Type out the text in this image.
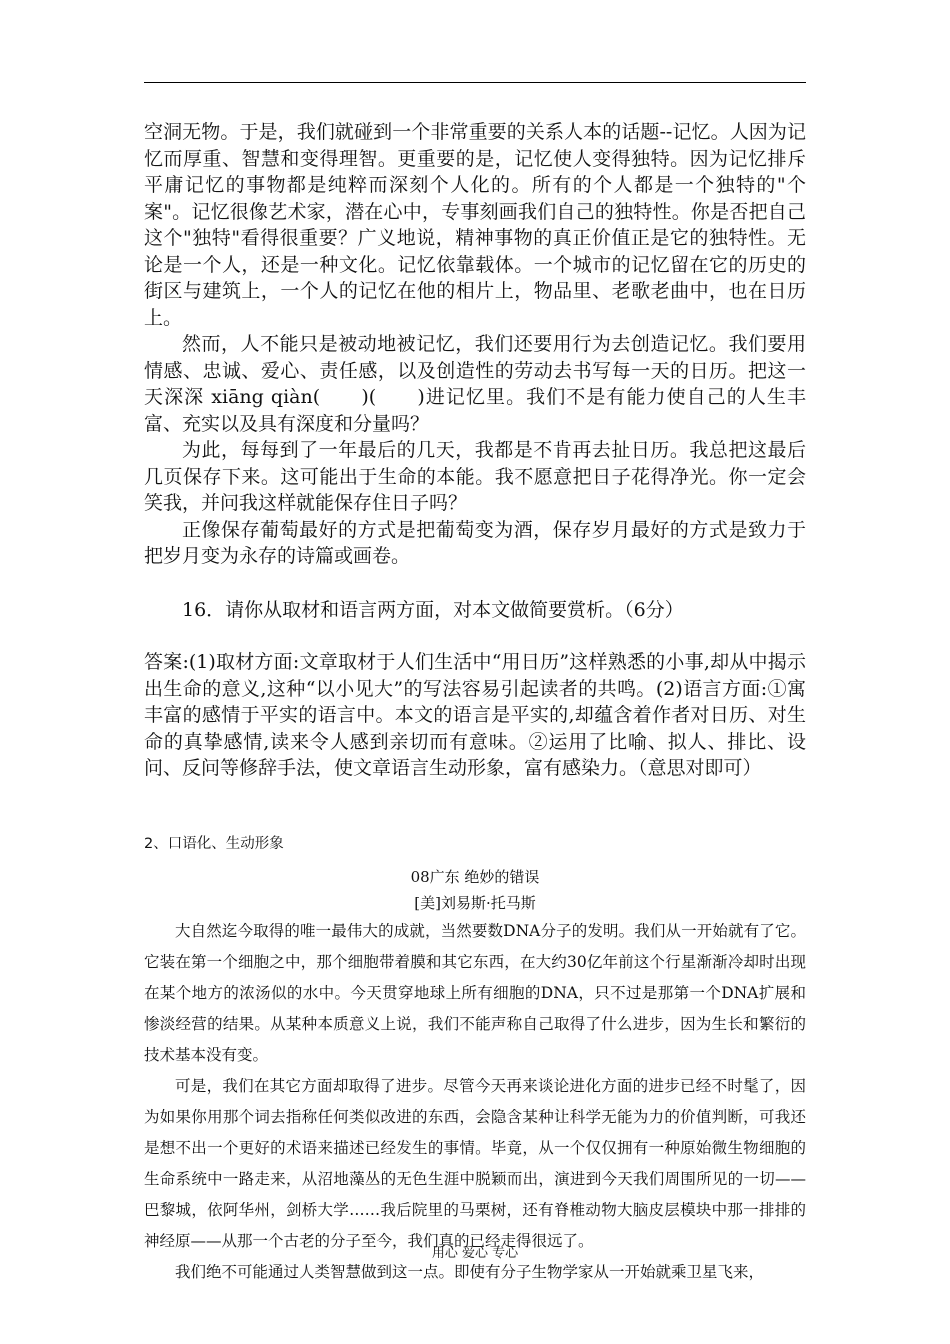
空洞无物。于是，我们就碰到一个非常重要的关系人本的话题--记忆。人因为记忆而厚重、智慧和变得理智。更重要的是，记忆使人变得独特。因为记忆排斥平庸记忆的事物都是纯粹而深刻个人化的。所有的个人都是一个独特的"个案"。记忆很像艺术家，潜在心中，专事刻画我们自己的独特性。你是否把自己这个"独特"看得很重要？广义地说，精神事物的真正价值正是它的独特性。无论是一个人，还是一种文化。记忆依靠载体。一个城市的记忆留在它的历史的街区与建筑上，一个人的记忆在他的相片上，物品里、老歌老曲中，也在日历上。

然而，人不能只是被动地被记忆，我们还要用行为去创造记忆。我们要用情感、忠诚、爱心、责任感，以及创造性的劳动去书写每一天的日历。把这一天深深 xiāng qiàn(　　)(　　)进记忆里。我们不是有能力使自己的人生丰富、充实以及具有深度和分量吗？

为此，每每到了一年最后的几天，我都是不肯再去扯日历。我总把这最后几页保存下来。这可能出于生命的本能。我不愿意把日子花得净光。你一定会笑我，并问我这样就能保存住日子吗？

正像保存葡萄最好的方式是把葡萄变为酒，保存岁月最好的方式是致力于把岁月变为永存的诗篇或画卷。

16．请你从取材和语言两方面，对本文做简要赏析。（6分）

答案:(1)取材方面:文章取材于人们生活中“用日历”这样熟悉的小事,却从中揭示出生命的意义,这种“以小见大”的写法容易引起读者的共鸣。(2)语言方面:①寓丰富的感情于平实的语言中。本文的语言是平实的,却蕴含着作者对日历、对生命的真挚感情,读来令人感到亲切而有意味。②运用了比喻、拟人、排比、设问、反问等修辞手法，使文章语言生动形象，富有感染力。（意思对即可）

2、口语化、生动形象

08广东 绝妙的错误

[美]刘易斯·托马斯

大自然迄今取得的唯一最伟大的成就，当然要数DNA分子的发明。我们从一开始就有了它。它装在第一个细胞之中，那个细胞带着膜和其它东西，在大约30亿年前这个行星渐渐冷却时出现在某个地方的浓汤似的水中。今天贯穿地球上所有细胞的DNA，只不过是那第一个DNA扩展和惨淡经营的结果。从某种本质意义上说，我们不能声称自己取得了什么进步，因为生长和繁衍的技术基本没有变。

可是，我们在其它方面却取得了进步。尽管今天再来谈论进化方面的进步已经不时髦了，因为如果你用那个词去指称任何类似改进的东西，会隐含某种让科学无能为力的价值判断，可我还是想不出一个更好的术语来描述已经发生的事情。毕竟，从一个仅仅拥有一种原始微生物细胞的生命系统中一路走来，从沼地藻丛的无色生涯中脱颖而出，演进到今天我们周围所见的一切——巴黎城，依阿华州，剑桥大学……我后院里的马栗树，还有脊椎动物大脑皮层模块中那一排排的神经原——从那一个古老的分子至今，我们真的已经走得很远了。

我们绝不可能通过人类智慧做到这一点。即使有分子生物学家从一开始就乘卫星飞来，

用心 爱心 专心
